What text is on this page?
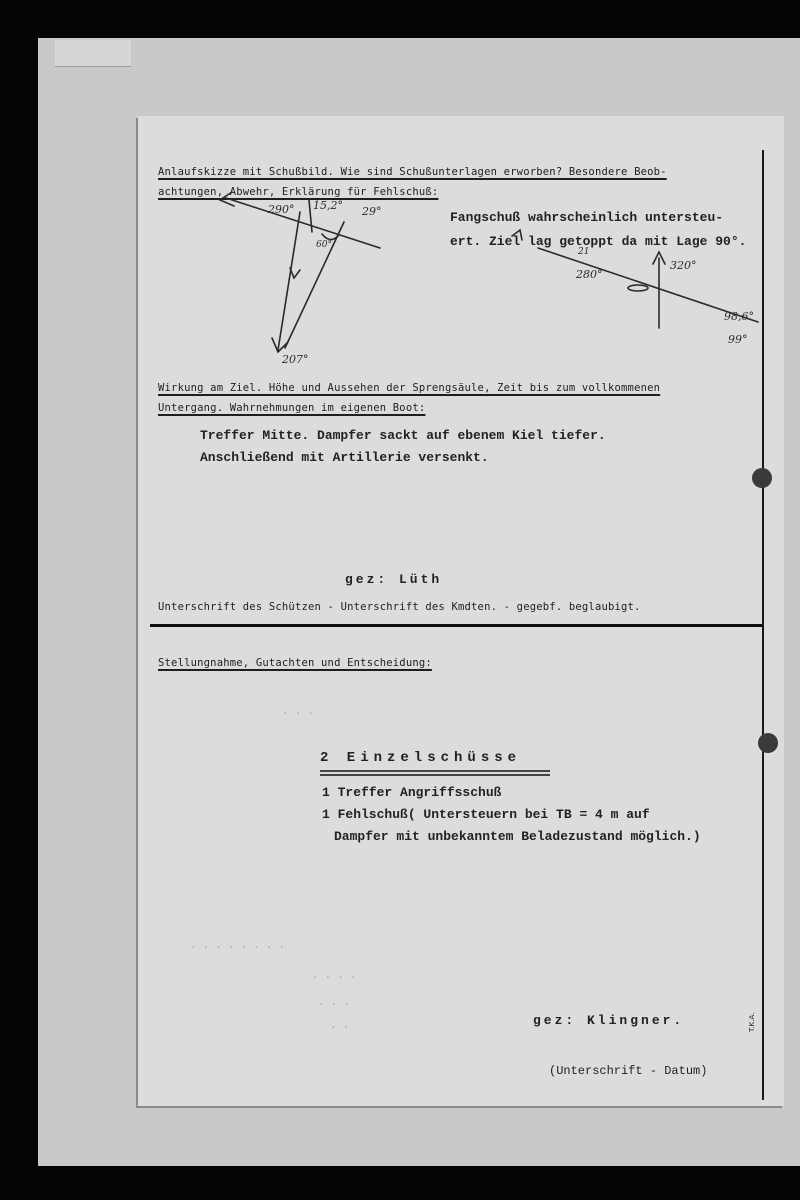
Anlaufskizze mit Schußbild. Wie sind Schußunterlagen erworben? Besondere Beob-

achtungen, Abwehr, Erklärung für Fehlschuß:

290° 15,2° 29°
60°
207°
21
280°
320°
98,6°
99°

Fangschuß wahrscheinlich untersteu-

ert. Ziel lag getoppt da mit Lage 90°.

Wirkung am Ziel. Höhe und Aussehen der Sprengsäule, Zeit bis zum vollkommenen

Untergang. Wahrnehmungen im eigenen Boot:

Treffer Mitte. Dampfer sackt auf ebenem Kiel tiefer.

Anschließend mit Artillerie versenkt.

gez: Lüth

Unterschrift des Schützen - Unterschrift des Kmdten. - gegebf. beglaubigt.

Stellungnahme, Gutachten und Entscheidung:

...
........
....
...
..

2 Einzelschüsse

1 Treffer Angriffsschuß

1 Fehlschuß( Untersteuern bei TB = 4 m auf

Dampfer mit unbekanntem Beladezustand möglich.)

gez: Klingner.

(Unterschrift - Datum)

T.K.A.
